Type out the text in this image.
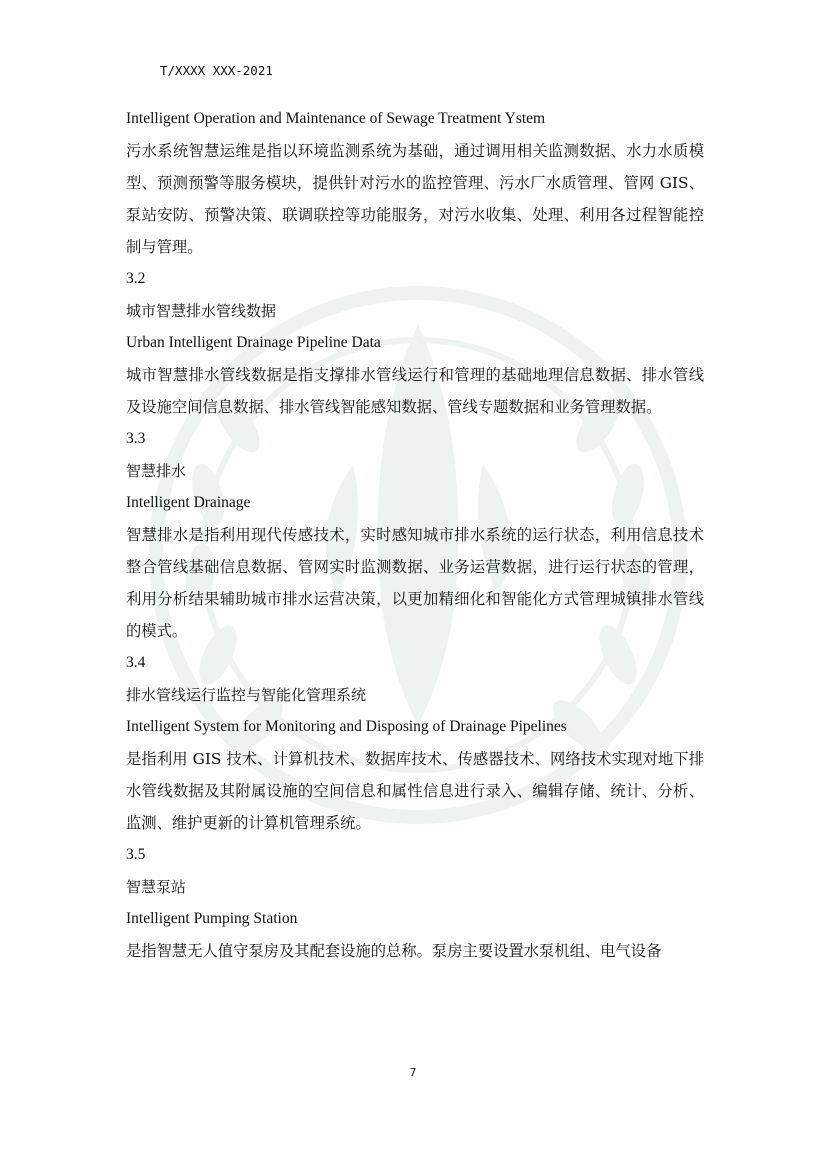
T/XXXX XXX-2021

Intelligent Operation and Maintenance of Sewage Treatment Ystem

污水系统智慧运维是指以环境监测系统为基础，通过调用相关监测数据、水力水质模型、预测预警等服务模块，提供针对污水的监控管理、污水厂水质管理、管网 GIS、泵站安防、预警决策、联调联控等功能服务，对污水收集、处理、利用各过程智能控制与管理。

3.2

城市智慧排水管线数据

Urban Intelligent Drainage Pipeline Data

城市智慧排水管线数据是指支撑排水管线运行和管理的基础地理信息数据、排水管线及设施空间信息数据、排水管线智能感知数据、管线专题数据和业务管理数据。

3.3

智慧排水

Intelligent Drainage

智慧排水是指利用现代传感技术，实时感知城市排水系统的运行状态，利用信息技术整合管线基础信息数据、管网实时监测数据、业务运营数据，进行运行状态的管理，利用分析结果辅助城市排水运营决策，以更加精细化和智能化方式管理城镇排水管线的模式。

3.4

排水管线运行监控与智能化管理系统

Intelligent System for Monitoring and Disposing of Drainage Pipelines

是指利用 GIS 技术、计算机技术、数据库技术、传感器技术、网络技术实现对地下排水管线数据及其附属设施的空间信息和属性信息进行录入、编辑存储、统计、分析、监测、维护更新的计算机管理系统。

3.5

智慧泵站

Intelligent Pumping Station

是指智慧无人值守泵房及其配套设施的总称。泵房主要设置水泵机组、电气设备

7
